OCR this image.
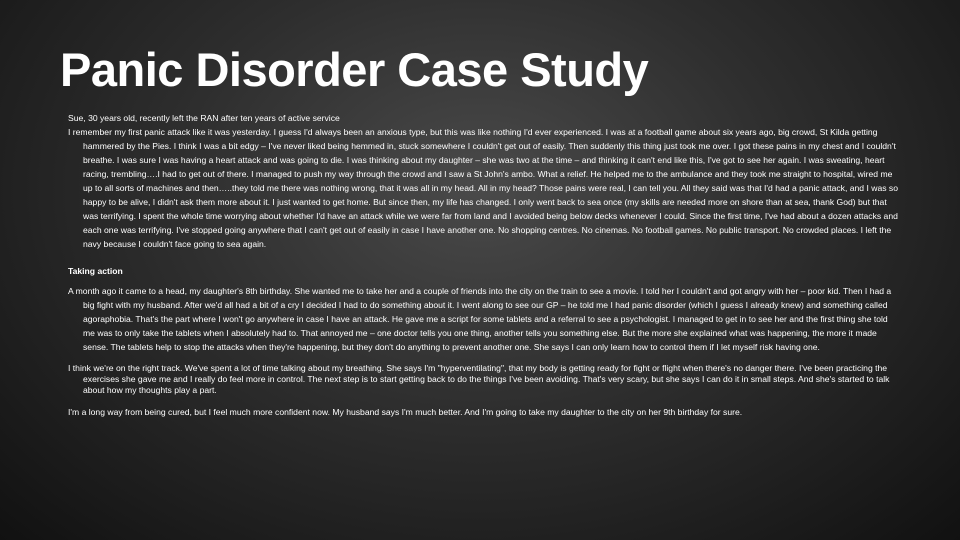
Panic Disorder Case Study

Sue, 30 years old, recently left the RAN after ten years of active service

I remember my first panic attack like it was yesterday. I guess I'd always been an anxious type, but this was like nothing I'd ever experienced. I was at a football game about six years ago, big crowd, St Kilda getting hammered by the Pies. I think I was a bit edgy – I've never liked being hemmed in, stuck somewhere I couldn't get out of easily. Then suddenly this thing just took me over. I got these pains in my chest and I couldn't breathe. I was sure I was having a heart attack and was going to die. I was thinking about my daughter – she was two at the time – and thinking it can't end like this, I've got to see her again. I was sweating, heart racing, trembling….I had to get out of there. I managed to push my way through the crowd and I saw a St John's ambo. What a relief. He helped me to the ambulance and they took me straight to hospital, wired me up to all sorts of machines and then…..they told me there was nothing wrong, that it was all in my head. All in my head? Those pains were real, I can tell you. All they said was that I'd had a panic attack, and I was so happy to be alive, I didn't ask them more about it. I just wanted to get home. But since then, my life has changed. I only went back to sea once (my skills are needed more on shore than at sea, thank God) but that was terrifying. I spent the whole time worrying about whether I'd have an attack while we were far from land and I avoided being below decks whenever I could. Since the first time, I've had about a dozen attacks and each one was terrifying. I've stopped going anywhere that I can't get out of easily in case I have another one. No shopping centres. No cinemas. No football games. No public transport. No crowded places. I left the navy because I couldn't face going to sea again.

Taking action

A month ago it came to a head, my daughter's 8th birthday. She wanted me to take her and a couple of friends into the city on the train to see a movie. I told her I couldn't and got angry with her – poor kid. Then I had a big fight with my husband. After we'd all had a bit of a cry I decided I had to do something about it. I went along to see our GP – he told me I had panic disorder (which I guess I already knew) and something called agoraphobia. That's the part where I won't go anywhere in case I have an attack. He gave me a script for some tablets and a referral to see a psychologist. I managed to get in to see her and the first thing she told me was to only take the tablets when I absolutely had to. That annoyed me – one doctor tells you one thing, another tells you something else. But the more she explained what was happening, the more it made sense. The tablets help to stop the attacks when they're happening, but they don't do anything to prevent another one. She says I can only learn how to control them if I let myself risk having one.

I think we're on the right track. We've spent a lot of time talking about my breathing. She says I'm "hyperventilating", that my body is getting ready for fight or flight when there's no danger there. I've been practicing the exercises she gave me and I really do feel more in control. The next step is to start getting back to do the things I've been avoiding. That's very scary, but she says I can do it in small steps. And she's started to talk about how my thoughts play a part.

I'm a long way from being cured, but I feel much more confident now. My husband says I'm much better. And I'm going to take my daughter to the city on her 9th birthday for sure.
